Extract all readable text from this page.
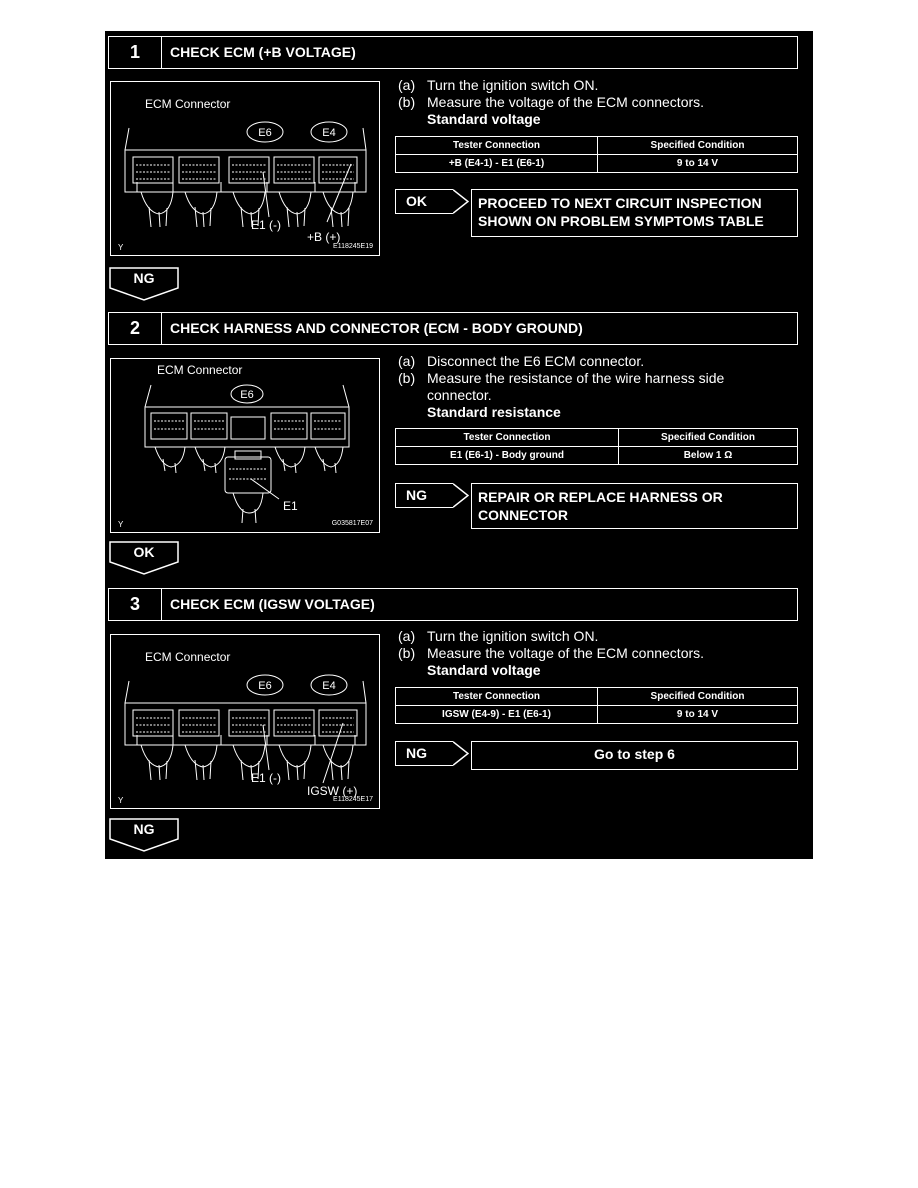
1	CHECK ECM (+B VOLTAGE)
ECM Connector
E6	E4
E1 (-)
+B (+)
Y	E118245E19
(a) Turn the ignition switch ON.
(b) Measure the voltage of the ECM connectors.
Standard voltage
Tester Connection	Specified Condition
+B (E4-1) - E1 (E6-1)	9 to 14 V
OK	PROCEED TO NEXT CIRCUIT INSPECTION
SHOWN ON PROBLEM SYMPTOMS TABLE
NG
2	CHECK HARNESS AND CONNECTOR (ECM - BODY GROUND)
ECM Connector
E6
E1
Y	G035817E07
(a) Disconnect the E6 ECM connector.
(b) Measure the resistance of the wire harness side
connector.
Standard resistance
Tester Connection	Specified Condition
E1 (E6-1) - Body ground	Below 1 Ω
NG	REPAIR OR REPLACE HARNESS OR
CONNECTOR
OK
3	CHECK ECM (IGSW VOLTAGE)
ECM Connector
E6	E4
E1 (-)
IGSW (+)
Y	E118245E17
(a) Turn the ignition switch ON.
(b) Measure the voltage of the ECM connectors.
Standard voltage
Tester Connection	Specified Condition
IGSW (E4-9) - E1 (E6-1)	9 to 14 V
NG	Go to step 6
NG
